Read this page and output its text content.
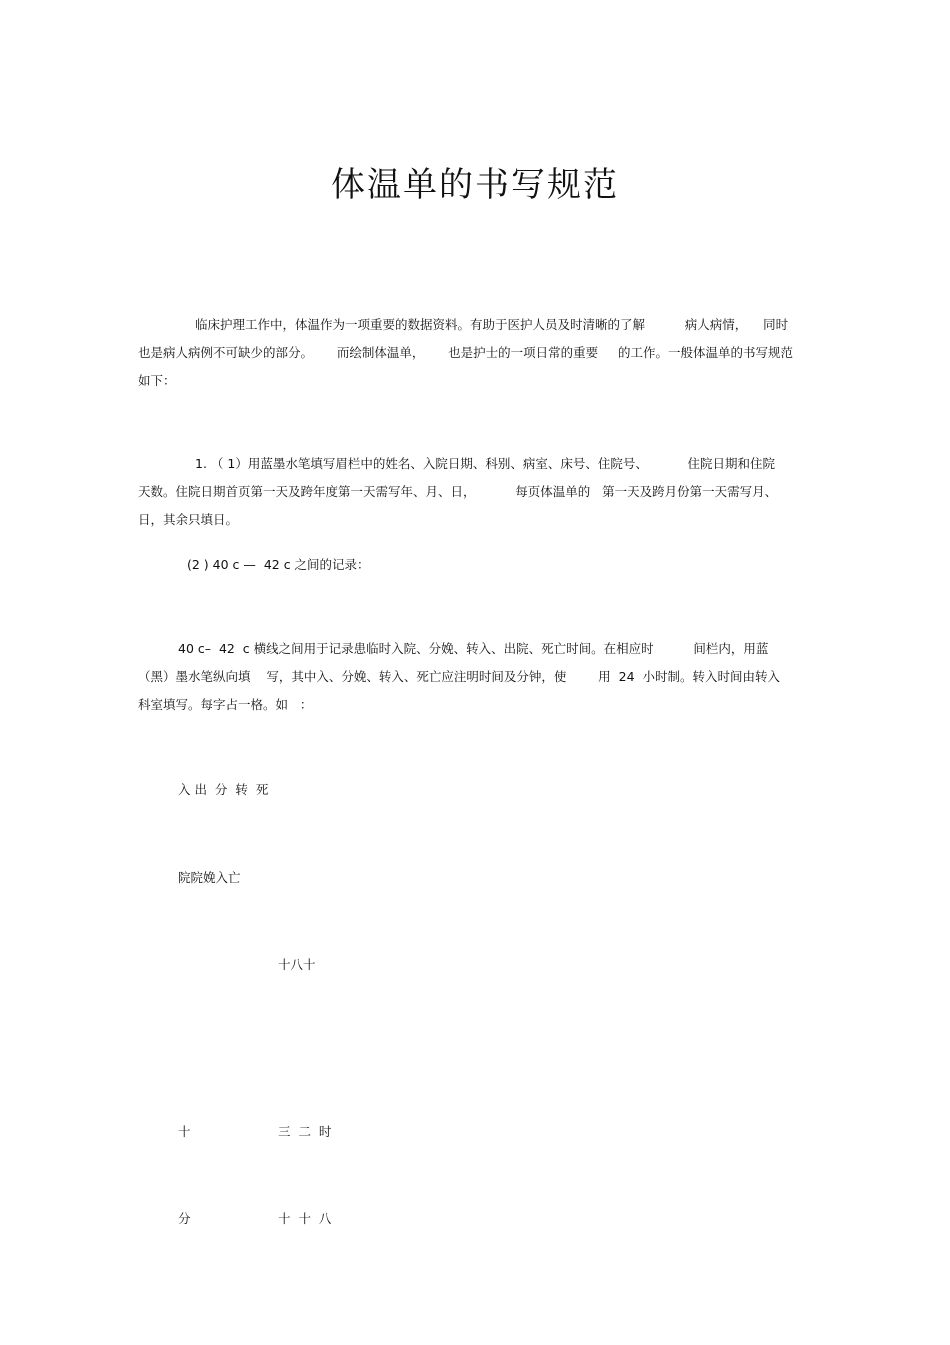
体温单的书写规范

临床护理工作中，体温作为一项重要的数据资料。有助于医护人员及时清晰的了解          病人病情，    同时

也是病人病例不可缺少的部分。      而绘制体温单，      也是护士的一项日常的重要     的工作。一般体温单的书写规范

如下：

1. （ 1）用蓝墨水笔填写眉栏中的姓名、入院日期、科别、病室、床号、住院号、          住院日期和住院

天数。住院日期首页第一天及跨年度第一天需写年、月、日，          每页体温单的   第一天及跨月份第一天需写月、

日，其余只填日。

(2 ) 40 c —  42 c 之间的记录：

40 c–  42  c 横线之间用于记录患临时入院、分娩、转入、出院、死亡时间。在相应时          间栏内，用蓝

（黑）墨水笔纵向填    写，其中入、分娩、转入、死亡应注明时间及分钟，使        用  24  小时制。转入时间由转入

科室填写。每字占一格。如   ：

入 出  分  转  死

院院娩入亡

十八十

十	三  二  时

分	十  十  八
